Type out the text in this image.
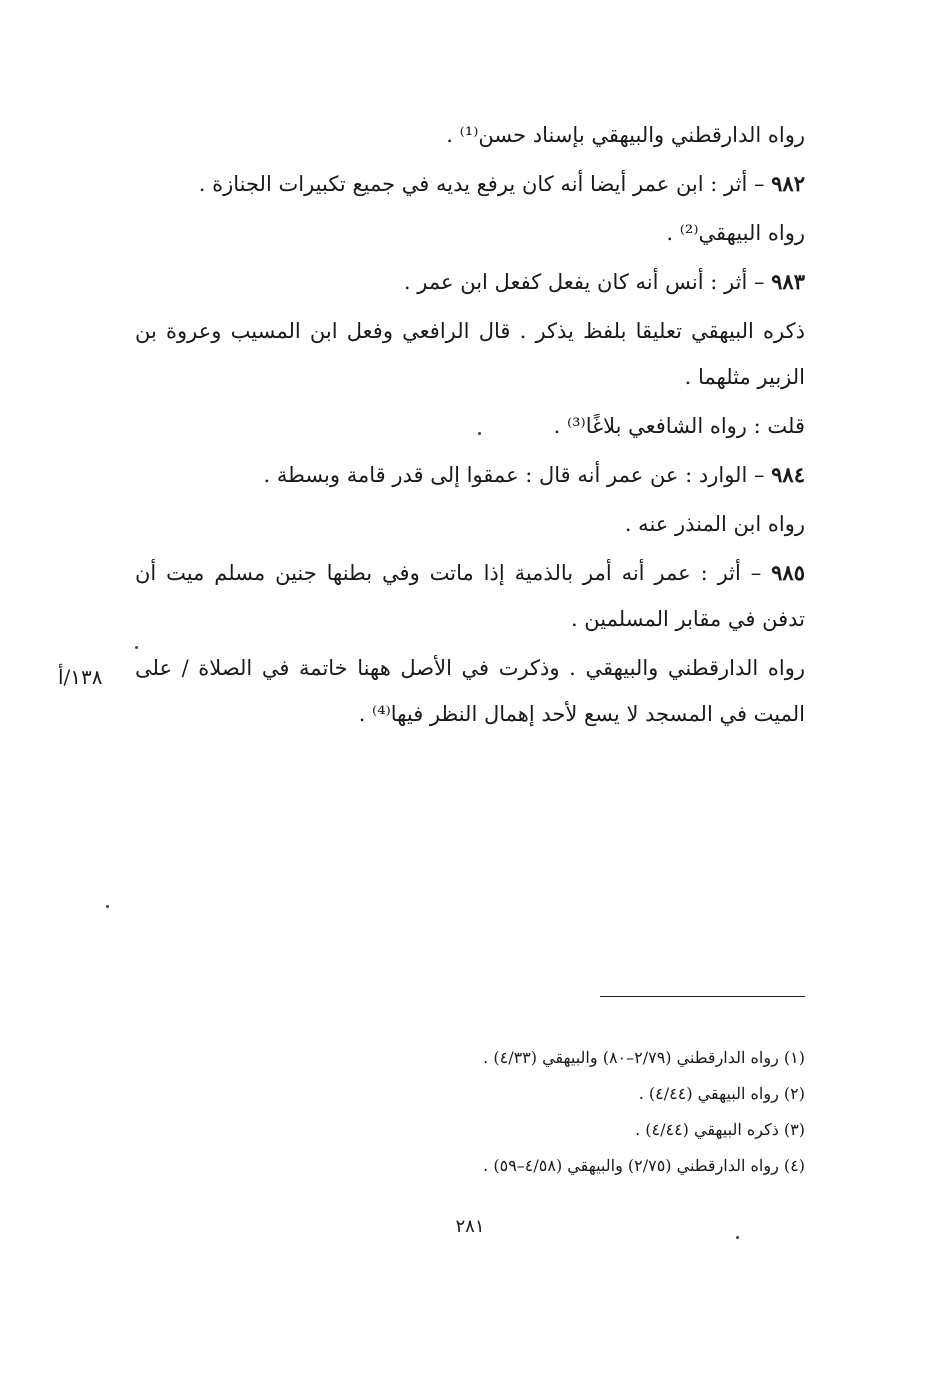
رواه الدارقطني والبيهقي بإسناد حسن⁽¹⁾ .

٩٨٢ – أثر : ابن عمر أيضا أنه كان يرفع يديه في جميع تكبيرات الجنازة .

رواه البيهقي⁽²⁾ .

٩٨٣ – أثر : أنس أنه كان يفعل كفعل ابن عمر .

ذكره البيهقي تعليقا بلفظ يذكر . قال الرافعي وفعل ابن المسيب وعروة بن الزبير مثلهما .

قلت : رواه الشافعي بلاغًا⁽³⁾ .

٩٨٤ – الوارد : عن عمر أنه قال : عمقوا إلى قدر قامة وبسطة .

رواه ابن المنذر عنه .

٩٨٥ – أثر : عمر أنه أمر بالذمية إذا ماتت وفي بطنها جنين مسلم ميت أن تدفن في مقابر المسلمين .

رواه الدارقطني والبيهقي . وذكرت في الأصل ههنا خاتمة في الصلاة / على الميت في المسجد لا يسع لأحد إهمال النظر فيها⁽⁴⁾ .

١٣٨/أ

(١) رواه الدارقطني (٢/٧٩–٨٠) والبيهقي (٤/٣٣) .

(٢) رواه البيهقي (٤/٤٤) .

(٣) ذكره البيهقي (٤/٤٤) .

(٤) رواه الدارقطني (٢/٧٥) والبيهقي (٤/٥٨–٥٩) .

٢٨١
